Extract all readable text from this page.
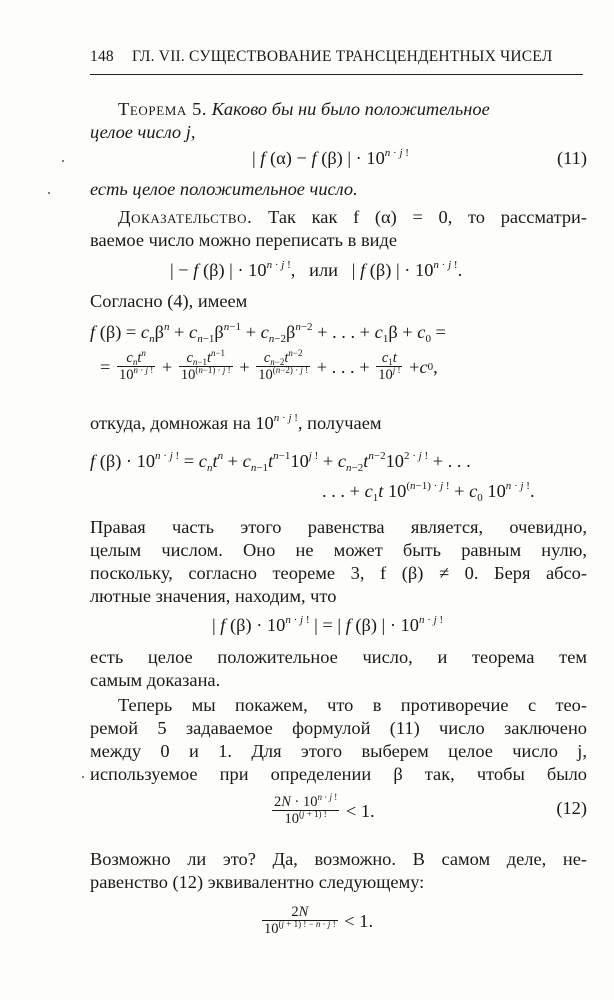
148 ГЛ. VII. СУЩЕСТВОВАНИЕ ТРАНСЦЕНДЕНТНЫХ ЧИСЕЛ
Теорема 5. Каково бы ни было положительное
целое число j,
| f (α) − f (β) | · $10^{n \cdot j !}$	(11)
есть целое положительное число.
Доказательство. Так как f (α) = 0, то рассматри-
ваемое число можно переписать в виде
| − f (β) | · $10^{n \cdot j !}$,   или   | f (β) | · $10^{n \cdot j !}$.
Согласно (4), имеем
f $(\beta) = c_n\beta^n + c_{n-1}\beta^{n-1} + c_{n-2}\beta^{n-2}$ + . . . + $c_1\beta + c_0$ =
= $\frac{c_nt^n}{10^{n \cdot j !}} + \frac{c_{n-1}t^{n-1}}{10^{(n-1) \cdot j !}} + \frac{c_{n-2}t^{n-2}}{10^{(n-2) \cdot j !}}$ + . . . + $\frac{c_1t}{10^{j !}} + c$ 0 ,
откуда, домножая на $10^{n \cdot j !}$, получаем
f $(\beta) \cdot 10^{n \cdot j !} = c_nt^n + c_{n-1}t^{n-1}10^{j !} + c_{n-2}t^{n-2}10^{2 \cdot j !}$ + . . .
. . . + $c_1t$ $10^{(n-1) \cdot j !} + c_0$ $10^{n \cdot j !}$.
Правая часть этого равенства является, очевидно,
целым числом. Оно не может быть равным нулю,
поскольку, согласно теореме 3, f (β) ≠ 0. Беря абсо-
лютные значения, находим, что
| f $(\beta) \cdot 10^{n \cdot j !}$ | = | f (β) | · $10^{n \cdot j !}$
есть целое положительное число, и теорема тем
самым доказана.
Теперь мы покажем, что в противоречие с тео-
ремой 5 задаваемое формулой (11) число заключено
между 0 и 1. Для этого выберем целое число j,
используемое при определении β так, чтобы было
$\frac{2N \cdot 10^{n \cdot j !}}{10^{(j + 1) !}} < 1$.	(12)
Возможно ли это? Да, возможно. В самом деле, не-
равенство (12) эквивалентно следующему:
$\frac{2N}{10^{(j + 1) ! - n \cdot j !}} < 1$.
